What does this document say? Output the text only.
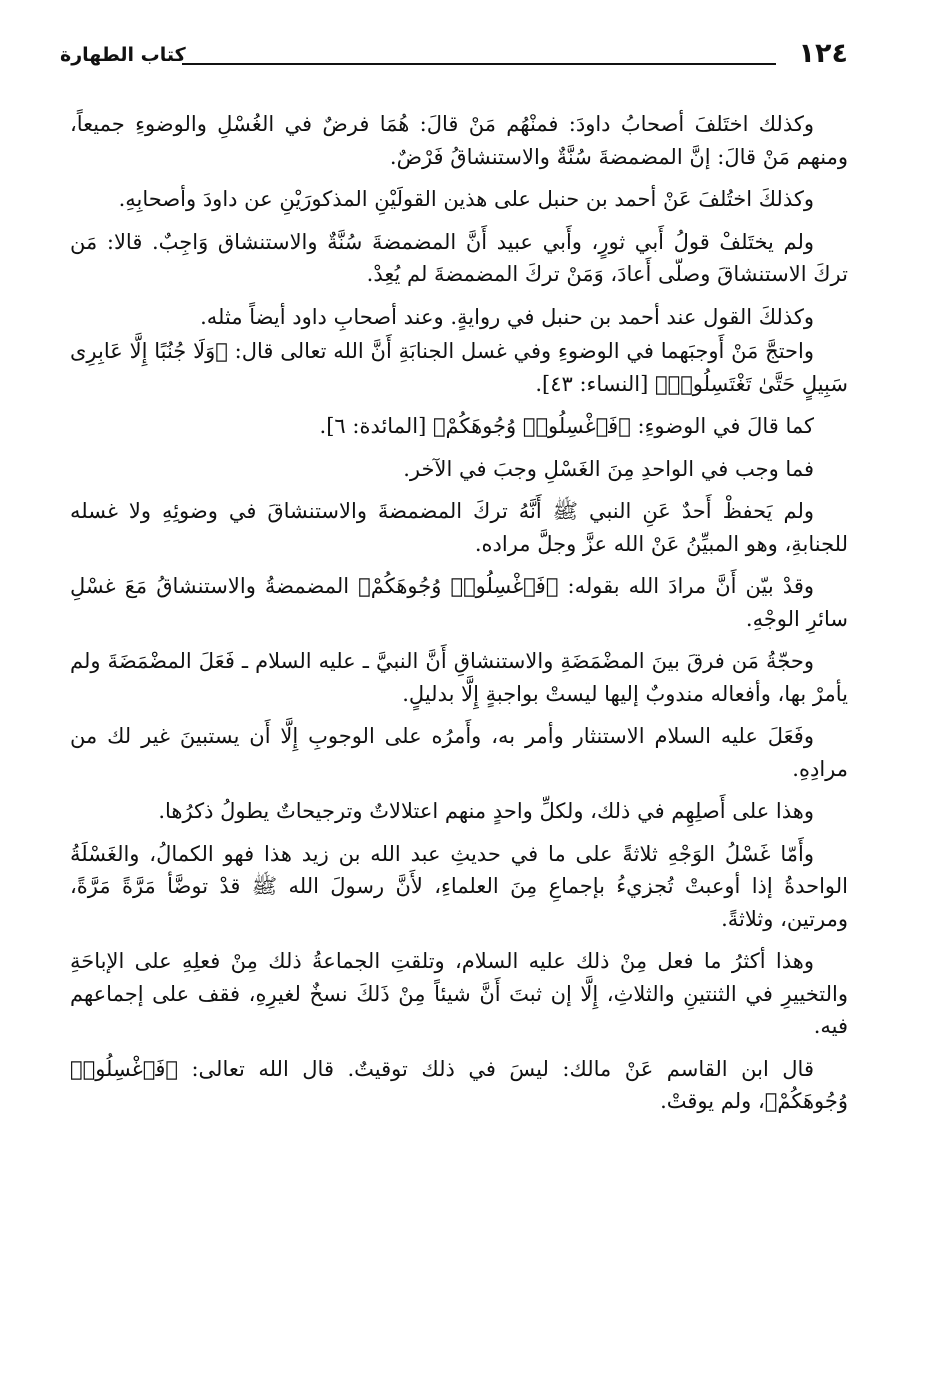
١٢٤
كتاب الطهارة

وكذلك اختَلفَ أصحابُ داودَ: فمنْهُم مَنْ قالَ: هُمَا فرضٌ في الغُسْلِ والوضوءِ جميعاً، ومنهم مَنْ قالَ: إنَّ المضمضةَ سُنَّةٌ والاستنشاقُ فَرْضٌ.

وكذلكَ اختُلفَ عَنْ أحمد بن حنبل على هذين القولَيْنِ المذكورَيْنِ عن داودَ وأصحابِهِ.

ولم يختَلفْ قولُ أَبي ثورٍ، وأَبي عبيد أَنَّ المضمضةَ سُنَّةٌ والاستنشاق وَاجِبٌ. قالا: مَن تركَ الاستنشاقَ وصلّى أَعادَ، وَمَنْ تركَ المضمضةَ لم يُعِدْ.

وكذلكَ القول عند أحمد بن حنبل في روايةٍ. وعند أصحابِ داود أيضاً مثله.

واحتجَّ مَنْ أَوجبَهما في الوضوءِ وفي غسل الجنابَةِ أَنَّ الله تعالى قال: ﴿وَلَا جُنُبًا إِلَّا عَابِرِى سَبِيلٍ حَتَّىٰ تَغْتَسِلُوا۟﴾ [النساء: ٤٣].

كما قالَ في الوضوءِ: ﴿فَٱغْسِلُوا۟ وُجُوهَكُمْ﴾ [المائدة: ٦].

فما وجب في الواحدِ مِنَ الغَسْلِ وجبَ في الآخر.

ولم يَحفظْ أَحدٌ عَنِ النبي ﷺ أَنَّهُ تركَ المضمضةَ والاستنشاقَ في وضوئِهِ ولا غسله للجنابةِ، وهو المبيِّنُ عَنْ الله عزَّ وجلَّ مراده.

وقدْ بيّن أَنَّ مرادَ الله بقوله: ﴿فَٱغْسِلُوا۟ وُجُوهَكُمْ﴾ المضمضةُ والاستنشاقُ مَعَ غسْلِ سائرِ الوجْهِ.

وحجّةُ مَن فرقَ بينَ المضْمَضَةِ والاستنشاقِ أَنَّ النبيَّ ـ عليه السلام ـ فَعَلَ المضْمَضَةَ ولم يأمرْ بها، وأفعاله مندوبٌ إليها ليستْ بواجبةٍ إِلَّا بدليلٍ.

وفَعَلَ عليه السلام الاستنثار وأمر به، وأَمرُه على الوجوبِ إِلَّا أَن يستبينَ غير لك من مرادِهِ.

وهذا على أَصلِهِم في ذلك، ولكلِّ واحدٍ منهم اعتلالاتٌ وترجيحاتٌ يطولُ ذكرُها.

وأَمّا غَسْلُ الوَجْهِ ثلاثةً على ما في حديثِ عبد الله بن زيد هذا فهو الكمالُ، والغَسْلَةُ الواحدةُ إذا أوعبتْ تُجزيءُ بإجماعِ مِنَ العلماءِ، لأَنَّ رسولَ الله ﷺ قدْ توضَّأ مَرَّةً مَرَّةً، ومرتين، وثلاثةً.

وهذا أكثرُ ما فعل مِنْ ذلك عليه السلام، وتلقتِ الجماعةُ ذلك مِنْ فعلِهِ على الإباحَةِ والتخييرِ في الثنتينِ والثلاثِ، إِلَّا إن ثبتَ أَنَّ شيئاً مِنْ ذَلكَ نسخٌ لغيرِهِ، فقف على إجماعهم فيه.

قال ابن القاسم عَنْ مالك: ليسَ في ذلك توقيتٌ. قال الله تعالى: ﴿فَٱغْسِلُوا۟ وُجُوهَكُمْ﴾، ولم يوقتْ.
